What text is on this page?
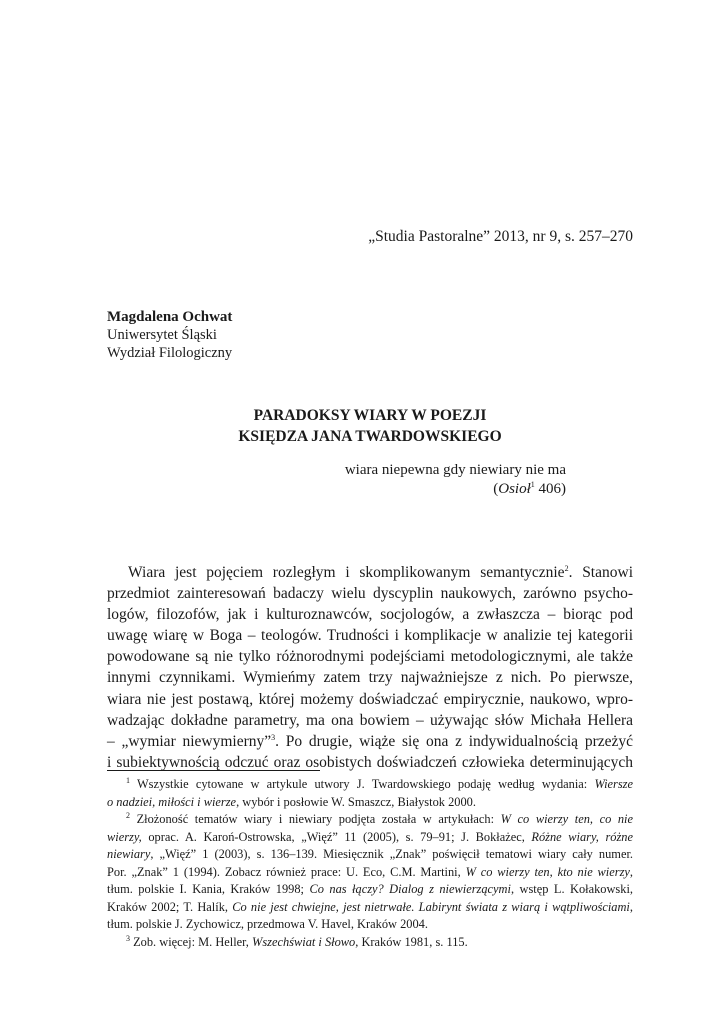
„Studia Pastoralne” 2013, nr 9, s. 257–270
Magdalena Ochwat
Uniwersytet Śląski
Wydział Filologiczny
PARADOKSY WIARY W POEZJI
KSIĘDZA JANA TWARDOWSKIEGO
wiara niepewna gdy niewiary nie ma
(Osioł$^1$ 406)
Wiara jest pojęciem rozległym i skomplikowanym semantycznie$^2$. Stanowi
przedmiot zainteresowań badaczy wielu dyscyplin naukowych, zarówno psycho-
logów, filozofów, jak i kulturoznawców, socjologów, a zwłaszcza – biorąc pod
uwagę wiarę w Boga – teologów. Trudności i komplikacje w analizie tej kategorii
powodowane są nie tylko różnorodnymi podejściami metodologicznymi, ale także
innymi czynnikami. Wymieńmy zatem trzy najważniejsze z nich. Po pierwsze,
wiara nie jest postawą, której możemy doświadczać empirycznie, naukowo, wpro-
wadzając dokładne parametry, ma ona bowiem – używając słów Michała Hellera
– „wymiar niewymierny”$^3$. Po drugie, wiąże się ona z indywidualnością przeżyć
i subiektywnością odczuć oraz osobistych doświadczeń człowieka determinujących
$^1$ Wszystkie cytowane w artykule utwory J. Twardowskiego podaję według wydania: Wiersze
o nadziei, miłości i wierze, wybór i posłowie W. Smaszcz, Białystok 2000.
$^2$ Złożoność tematów wiary i niewiary podjęta została w artykułach: W co wierzy ten, co nie
wierzy, oprac. A. Karoń-Ostrowska, „Więź” 11 (2005), s. 79–91; J. Bokłażec, Różne wiary, różne
niewiary, „Więź” 1 (2003), s. 136–139. Miesięcznik „Znak” poświęcił tematowi wiary cały numer.
Por. „Znak” 1 (1994). Zobacz również prace: U. Eco, C.M. Martini, W co wierzy ten, kto nie wierzy,
tłum. polskie I. Kania, Kraków 1998; Co nas łączy? Dialog z niewierzącymi, wstęp L. Kołakowski,
Kraków 2002; T. Halík, Co nie jest chwiejne, jest nietrwałe. Labirynt świata z wiarą i wątpliwościami,
tłum. polskie J. Zychowicz, przedmowa V. Havel, Kraków 2004.
$^3$ Zob. więcej: M. Heller, Wszechświat i Słowo, Kraków 1981, s. 115.
